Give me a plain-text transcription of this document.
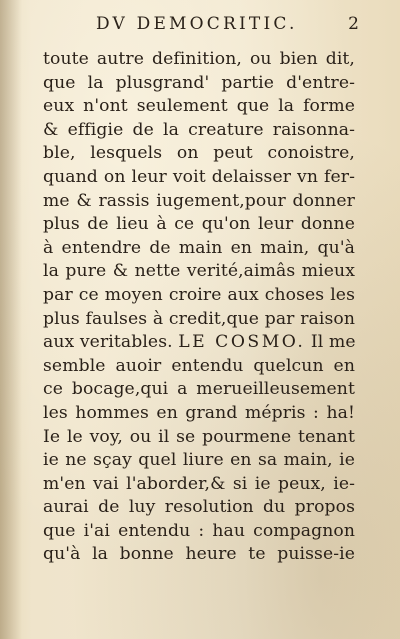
DV DEMOCRITIC.	2
toute autre definition, ou bien dit,
que la plusgrand' partie d'entre-
eux n'ont seulement que la forme
& effigie de la creature raisonna-
ble, lesquels on peut conoistre,
quand on leur voit delaisser vn fer-
me & rassis iugement,pour donner
plus de lieu à ce qu'on leur donne
à entendre de main en main, qu'à
la pure & nette verité,aimâs mieux
par ce moyen croire aux choses les
plus faulses à credit,que par raison
aux veritables. LE COSMO. Il me
semble auoir entendu quelcun en
ce bocage,qui a merueilleusement
les hommes en grand mépris : ha!
Ie le voy, ou il se pourmene tenant
ie ne sçay quel liure en sa main, ie
m'en vai l'aborder,& si ie peux, ie-
aurai de luy resolution du propos
que i'ai entendu : hau compagnon
qu'à la bonne heure te puisse-ie
